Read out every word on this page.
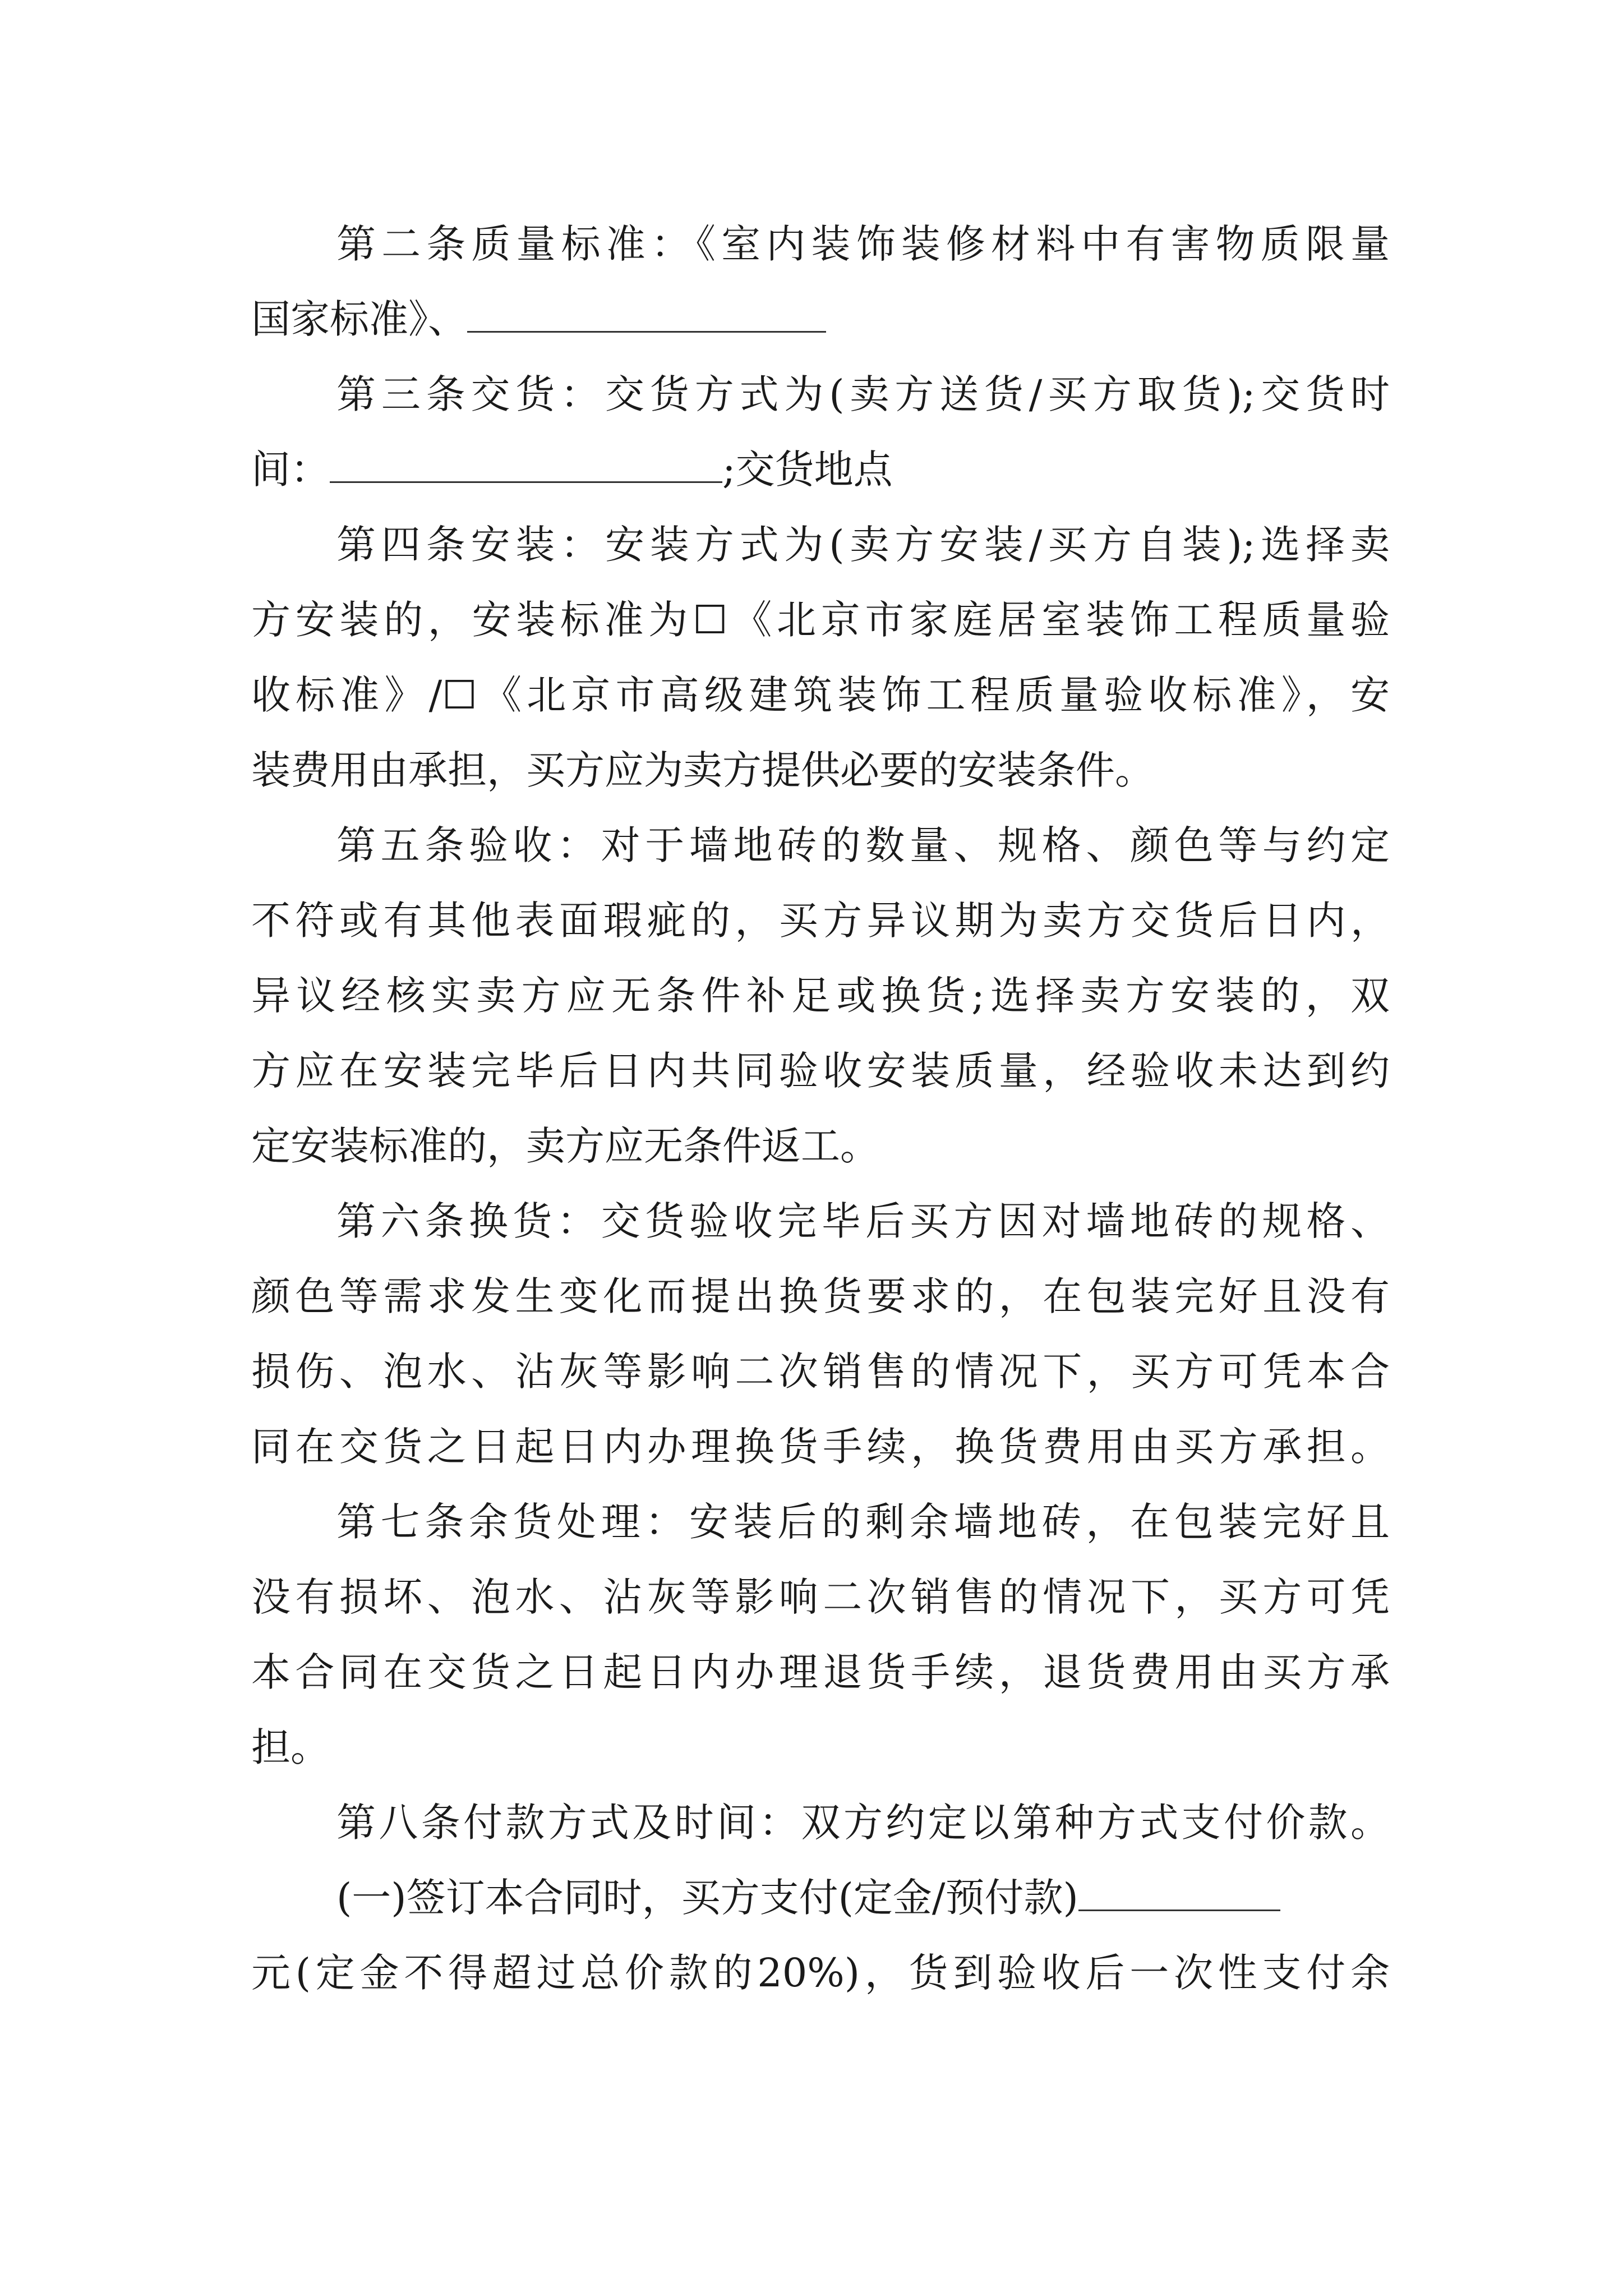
第二条质量标准：《室内装饰装修材料中有害物质限量
国家标准》、
第三条交货：交货方式为(卖方送货/买方取货);交货时
间：	;交货地点
第四条安装：安装方式为(卖方安装/买方自装);选择卖
方安装的，安装标准为☐《北京市家庭居室装饰工程质量验
收标准》/☐《北京市高级建筑装饰工程质量验收标准》，安
装费用由承担，买方应为卖方提供必要的安装条件。
第五条验收：对于墙地砖的数量、规格、颜色等与约定
不符或有其他表面瑕疵的，买方异议期为卖方交货后日内，
异议经核实卖方应无条件补足或换货;选择卖方安装的，双
方应在安装完毕后日内共同验收安装质量，经验收未达到约
定安装标准的，卖方应无条件返工。
第六条换货：交货验收完毕后买方因对墙地砖的规格、
颜色等需求发生变化而提出换货要求的，在包装完好且没有
损伤、泡水、沾灰等影响二次销售的情况下，买方可凭本合
同在交货之日起日内办理换货手续，换货费用由买方承担。
第七条余货处理：安装后的剩余墙地砖，在包装完好且
没有损坏、泡水、沾灰等影响二次销售的情况下，买方可凭
本合同在交货之日起日内办理退货手续，退货费用由买方承
担。
第八条付款方式及时间：双方约定以第种方式支付价款。
(一)签订本合同时，买方支付(定金/预付款)
元(定金不得超过总价款的20%)，货到验收后一次性支付余
